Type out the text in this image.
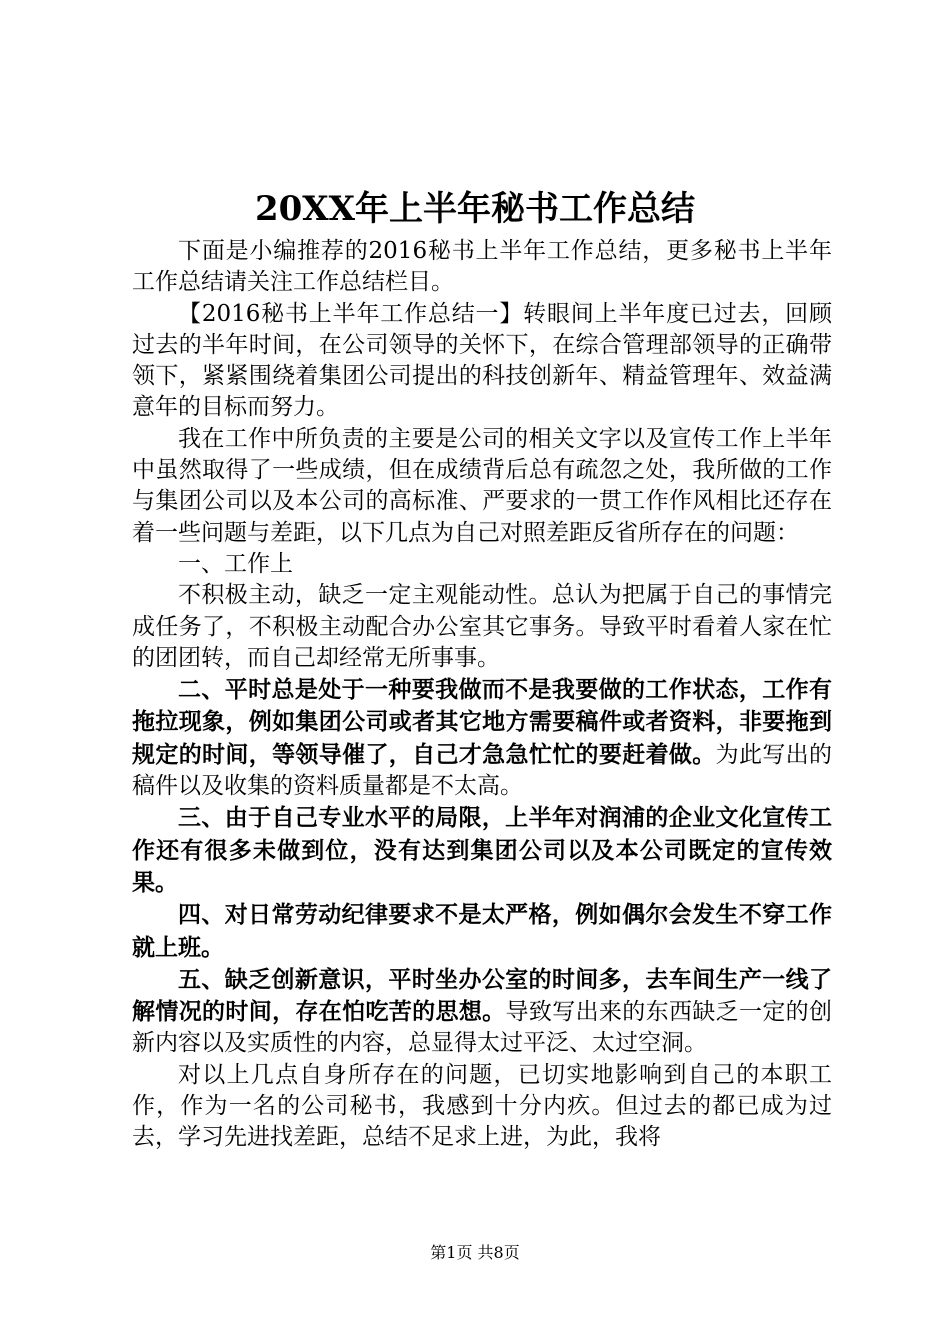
20XX年上半年秘书工作总结

下面是小编推荐的2016秘书上半年工作总结，更多秘书上半年工作总结请关注工作总结栏目。

【2016秘书上半年工作总结一】转眼间上半年度已过去，回顾过去的半年时间，在公司领导的关怀下，在综合管理部领导的正确带领下，紧紧围绕着集团公司提出的科技创新年、精益管理年、效益满意年的目标而努力。

我在工作中所负责的主要是公司的相关文字以及宣传工作上半年中虽然取得了一些成绩，但在成绩背后总有疏忽之处，我所做的工作与集团公司以及本公司的高标准、严要求的一贯工作作风相比还存在着一些问题与差距，以下几点为自己对照差距反省所存在的问题：

一、工作上

不积极主动，缺乏一定主观能动性。总认为把属于自己的事情完成任务了，不积极主动配合办公室其它事务。导致平时看着人家在忙的团团转，而自己却经常无所事事。

二、平时总是处于一种要我做而不是我要做的工作状态，工作有拖拉现象，例如集团公司或者其它地方需要稿件或者资料，非要拖到规定的时间，等领导催了，自己才急急忙忙的要赶着做。为此写出的稿件以及收集的资料质量都是不太高。

三、由于自己专业水平的局限，上半年对润浦的企业文化宣传工作还有很多未做到位，没有达到集团公司以及本公司既定的宣传效果。

四、对日常劳动纪律要求不是太严格，例如偶尔会发生不穿工作就上班。

五、缺乏创新意识，平时坐办公室的时间多，去车间生产一线了解情况的时间，存在怕吃苦的思想。导致写出来的东西缺乏一定的创新内容以及实质性的内容，总显得太过平泛、太过空洞。

对以上几点自身所存在的问题，已切实地影响到自己的本职工作，作为一名的公司秘书，我感到十分内疚。但过去的都已成为过去，学习先进找差距，总结不足求上进，为此，我将

第1页 共8页
